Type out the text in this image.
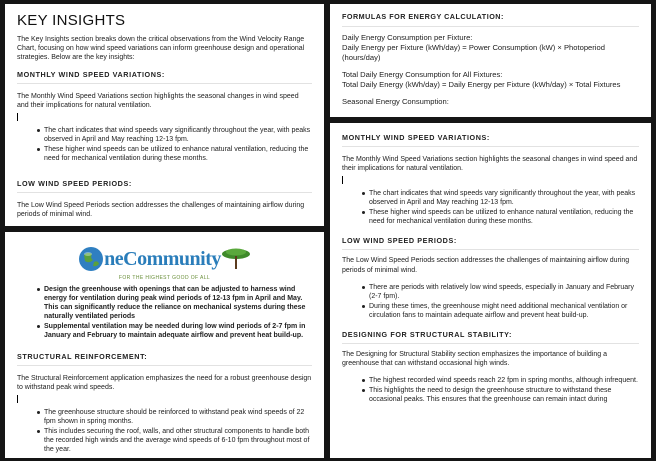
KEY INSIGHTS

The Key Insights section breaks down the critical observations from the Wind Velocity Range Chart, focusing on how wind speed variations can inform greenhouse design and operational strategies. Below are the key insights:

MONTHLY WIND SPEED VARIATIONS:

The Monthly Wind Speed Variations section highlights the seasonal changes in wind speed and their implications for natural ventilation.

The chart indicates that wind speeds vary significantly throughout the year, with peaks observed in April and May reaching 12-13 fpm.
These higher wind speeds can be utilized to enhance natural ventilation, reducing the need for mechanical ventilation during these months.
LOW WIND SPEED PERIODS:

The Low Wind Speed Periods section addresses the challenges of maintaining airflow during periods of minimal wind.

neCommunity
FOR THE HIGHEST GOOD OF ALL
Design the greenhouse with openings that can be adjusted to harness wind energy for ventilation during peak wind periods of 12-13 fpm in April and May. This can significantly reduce the reliance on mechanical systems during these naturally ventilated periods
Supplemental ventilation may be needed during low wind periods of 2-7 fpm in January and February to maintain adequate airflow and prevent heat build-up.
STRUCTURAL REINFORCEMENT:

The Structural Reinforcement application emphasizes the need for a robust greenhouse design to withstand peak wind speeds.

The greenhouse structure should be reinforced to withstand peak wind speeds of 22 fpm shown in spring months.
This includes securing the roof, walls, and other structural components to handle both the recorded high winds and the average wind speeds of 6-10 fpm throughout most of the year.
FORMULAS FOR ENERGY CALCULATION:
Daily Energy Consumption per Fixture:
Daily Energy per Fixture (kWh/day) = Power Consumption (kW) × Photoperiod (hours/day)
Total Daily Energy Consumption for All Fixtures:
Total Daily Energy (kWh/day) = Daily Energy per Fixture (kWh/day) × Total Fixtures
Seasonal Energy Consumption:
MONTHLY WIND SPEED VARIATIONS:

The Monthly Wind Speed Variations section highlights the seasonal changes in wind speed and their implications for natural ventilation.

The chart indicates that wind speeds vary significantly throughout the year, with peaks observed in April and May reaching 12-13 fpm.
These higher wind speeds can be utilized to enhance natural ventilation, reducing the need for mechanical ventilation during these months.
LOW WIND SPEED PERIODS:

The Low Wind Speed Periods section addresses the challenges of maintaining airflow during periods of minimal wind.

There are periods with relatively low wind speeds, especially in January and February (2-7 fpm).
During these times, the greenhouse might need additional mechanical ventilation or circulation fans to maintain adequate airflow and prevent heat build-up.
DESIGNING FOR STRUCTURAL STABILITY:

The Designing for Structural Stability section emphasizes the importance of building a greenhouse that can withstand occasional high winds.

The highest recorded wind speeds reach 22 fpm in spring months, although infrequent.
This highlights the need to design the greenhouse structure to withstand these occasional peaks. This ensures that the greenhouse can remain intact during
